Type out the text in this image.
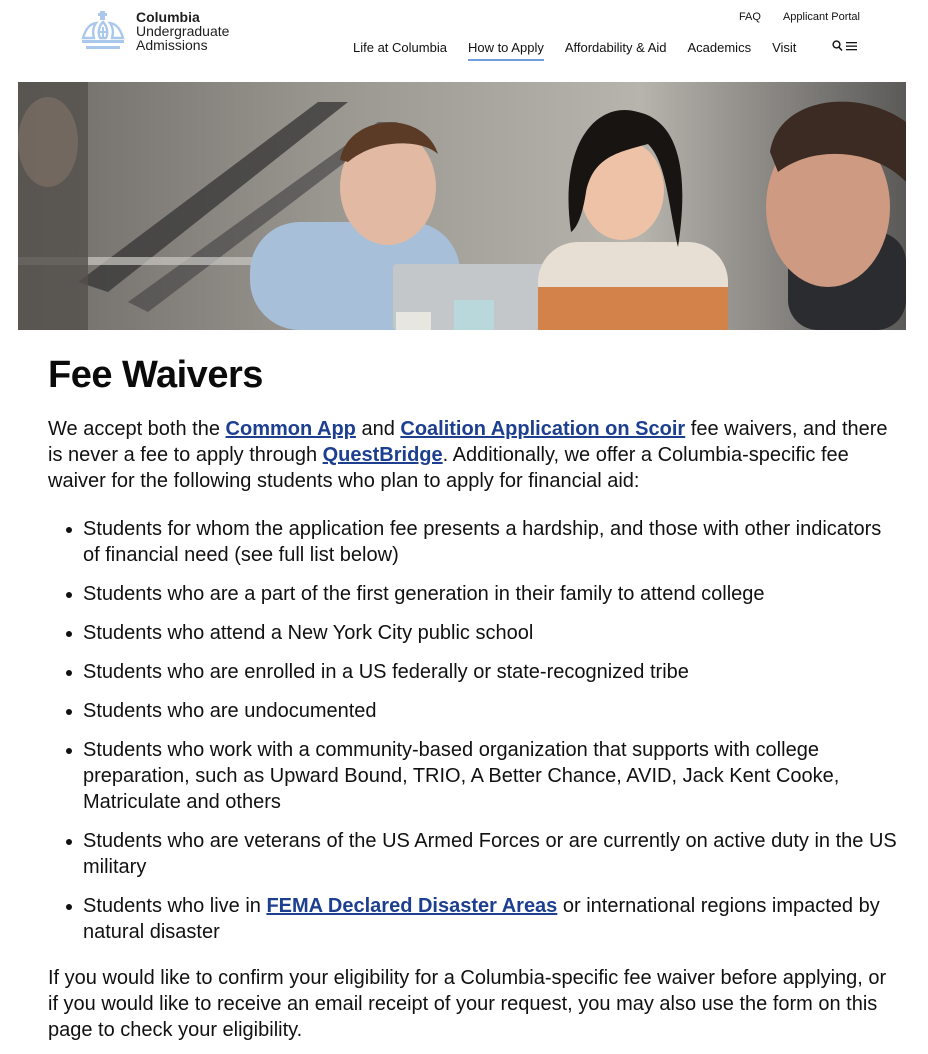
Columbia
Undergraduate
Admissions
FAQ Applicant Portal
Life at Columbia How to Apply Affordability & Aid Academics Visit
Fee Waivers

We accept both the Common App and Coalition Application on Scoir fee waivers, and there is never a fee to apply through QuestBridge. Additionally, we offer a Columbia-specific fee waiver for the following students who plan to apply for financial aid:

Students for whom the application fee presents a hardship, and those with other indicators of financial need (see full list below)
Students who are a part of the first generation in their family to attend college
Students who attend a New York City public school
Students who are enrolled in a US federally or state-recognized tribe
Students who are undocumented
Students who work with a community-based organization that supports with college preparation, such as Upward Bound, TRIO, A Better Chance, AVID, Jack Kent Cooke, Matriculate and others
Students who are veterans of the US Armed Forces or are currently on active duty in the US military
Students who live in FEMA Declared Disaster Areas or international regions impacted by natural disaster

If you would like to confirm your eligibility for a Columbia-specific fee waiver before applying, or if you would like to receive an email receipt of your request, you may also use the form on this page to check your eligibility.
